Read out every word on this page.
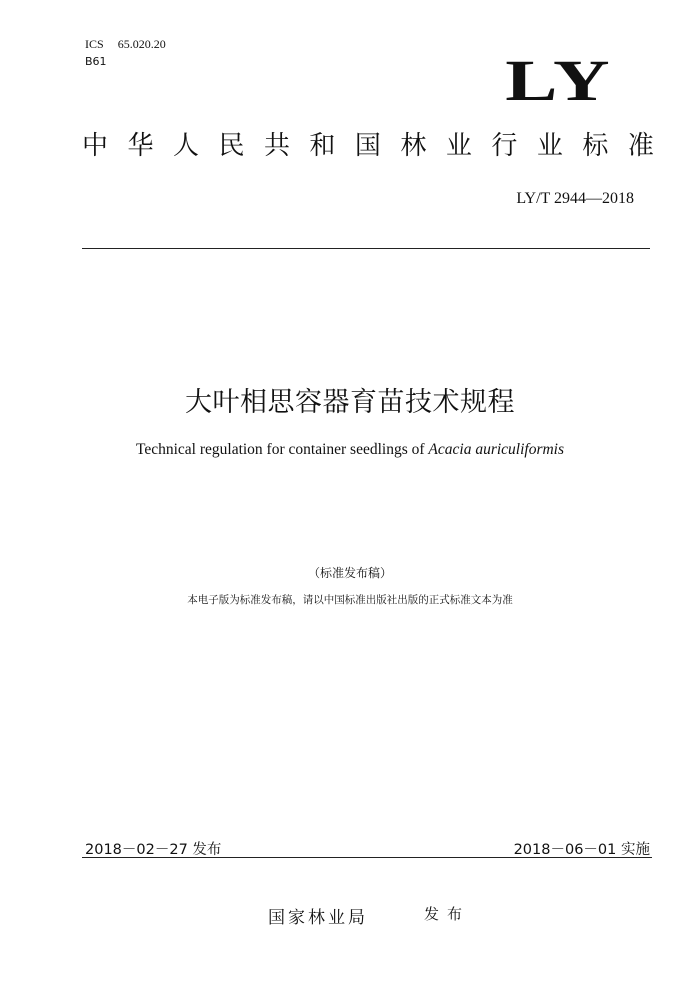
ICS 65.020.20
B61	LY
中 华 人 民 共 和 国 林 业 行 业 标 准
LY/T 2944—2018
大叶相思容器育苗技术规程
Technical regulation for container seedlings of Acacia auriculiformis
（标准发布稿）
本电子版为标准发布稿，请以中国标准出版社出版的正式标准文本为准
2018－02－27 发布	2018－06－01 实施
国家林业局	发布
